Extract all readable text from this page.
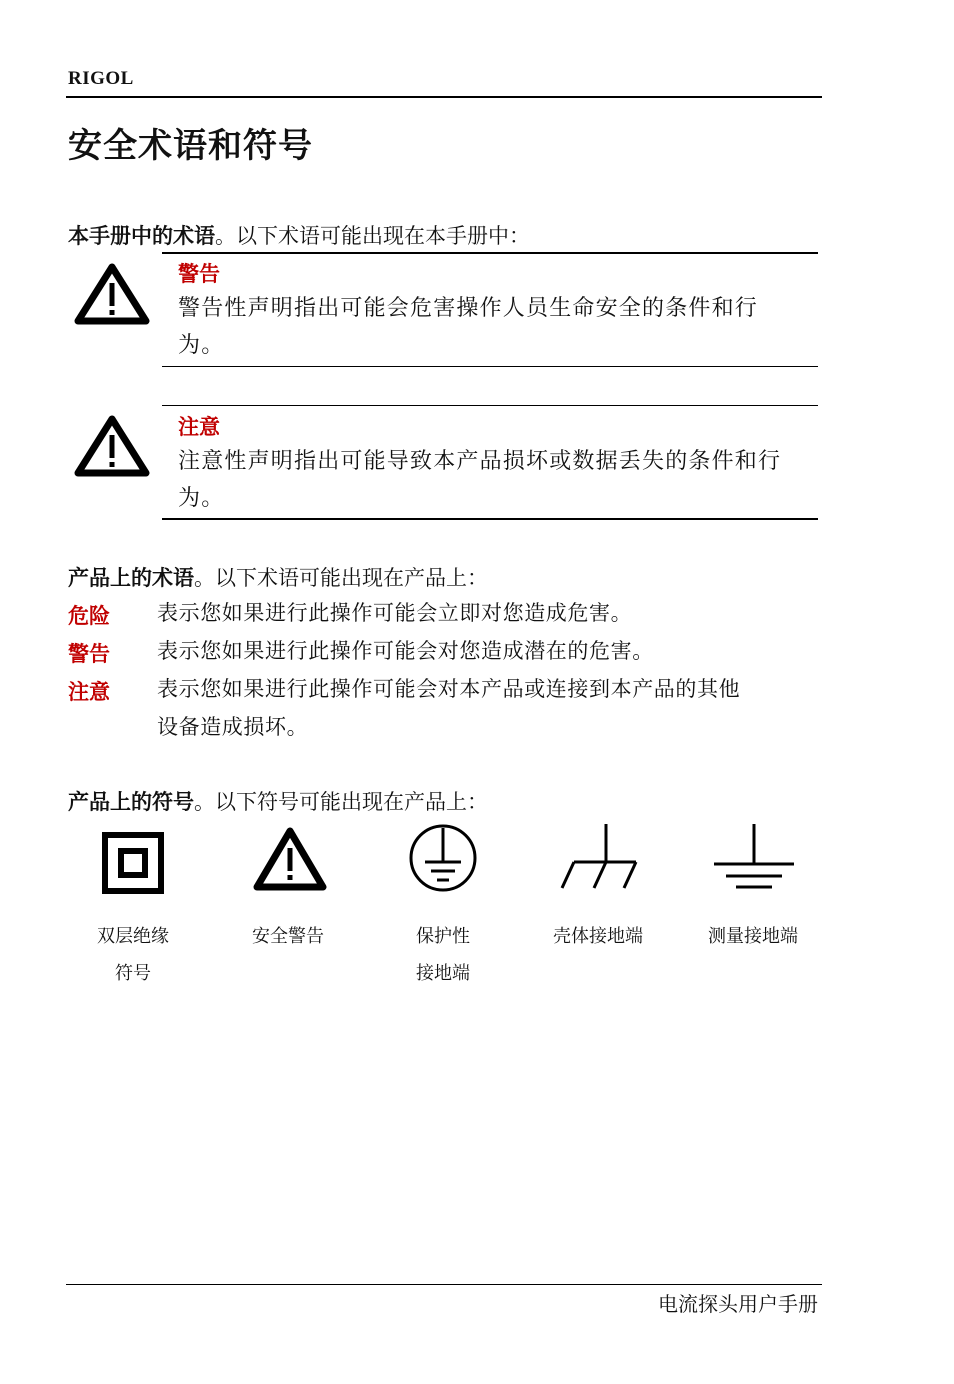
RIGOL
安全术语和符号
本手册中的术语。以下术语可能出现在本手册中：
警告
警告性声明指出可能会危害操作人员生命安全的条件和行
为。
注意
注意性声明指出可能导致本产品损坏或数据丢失的条件和行
为。
产品上的术语。以下术语可能出现在产品上：
危险 表示您如果进行此操作可能会立即对您造成危害。
警告 表示您如果进行此操作可能会对您造成潜在的危害。
注意 表示您如果进行此操作可能会对本产品或连接到本产品的其他
设备造成损坏。
产品上的符号。以下符号可能出现在产品上：
双层绝缘
符号
安全警告	保护性
接地端
壳体接地端	测量接地端
电流探头用户手册
